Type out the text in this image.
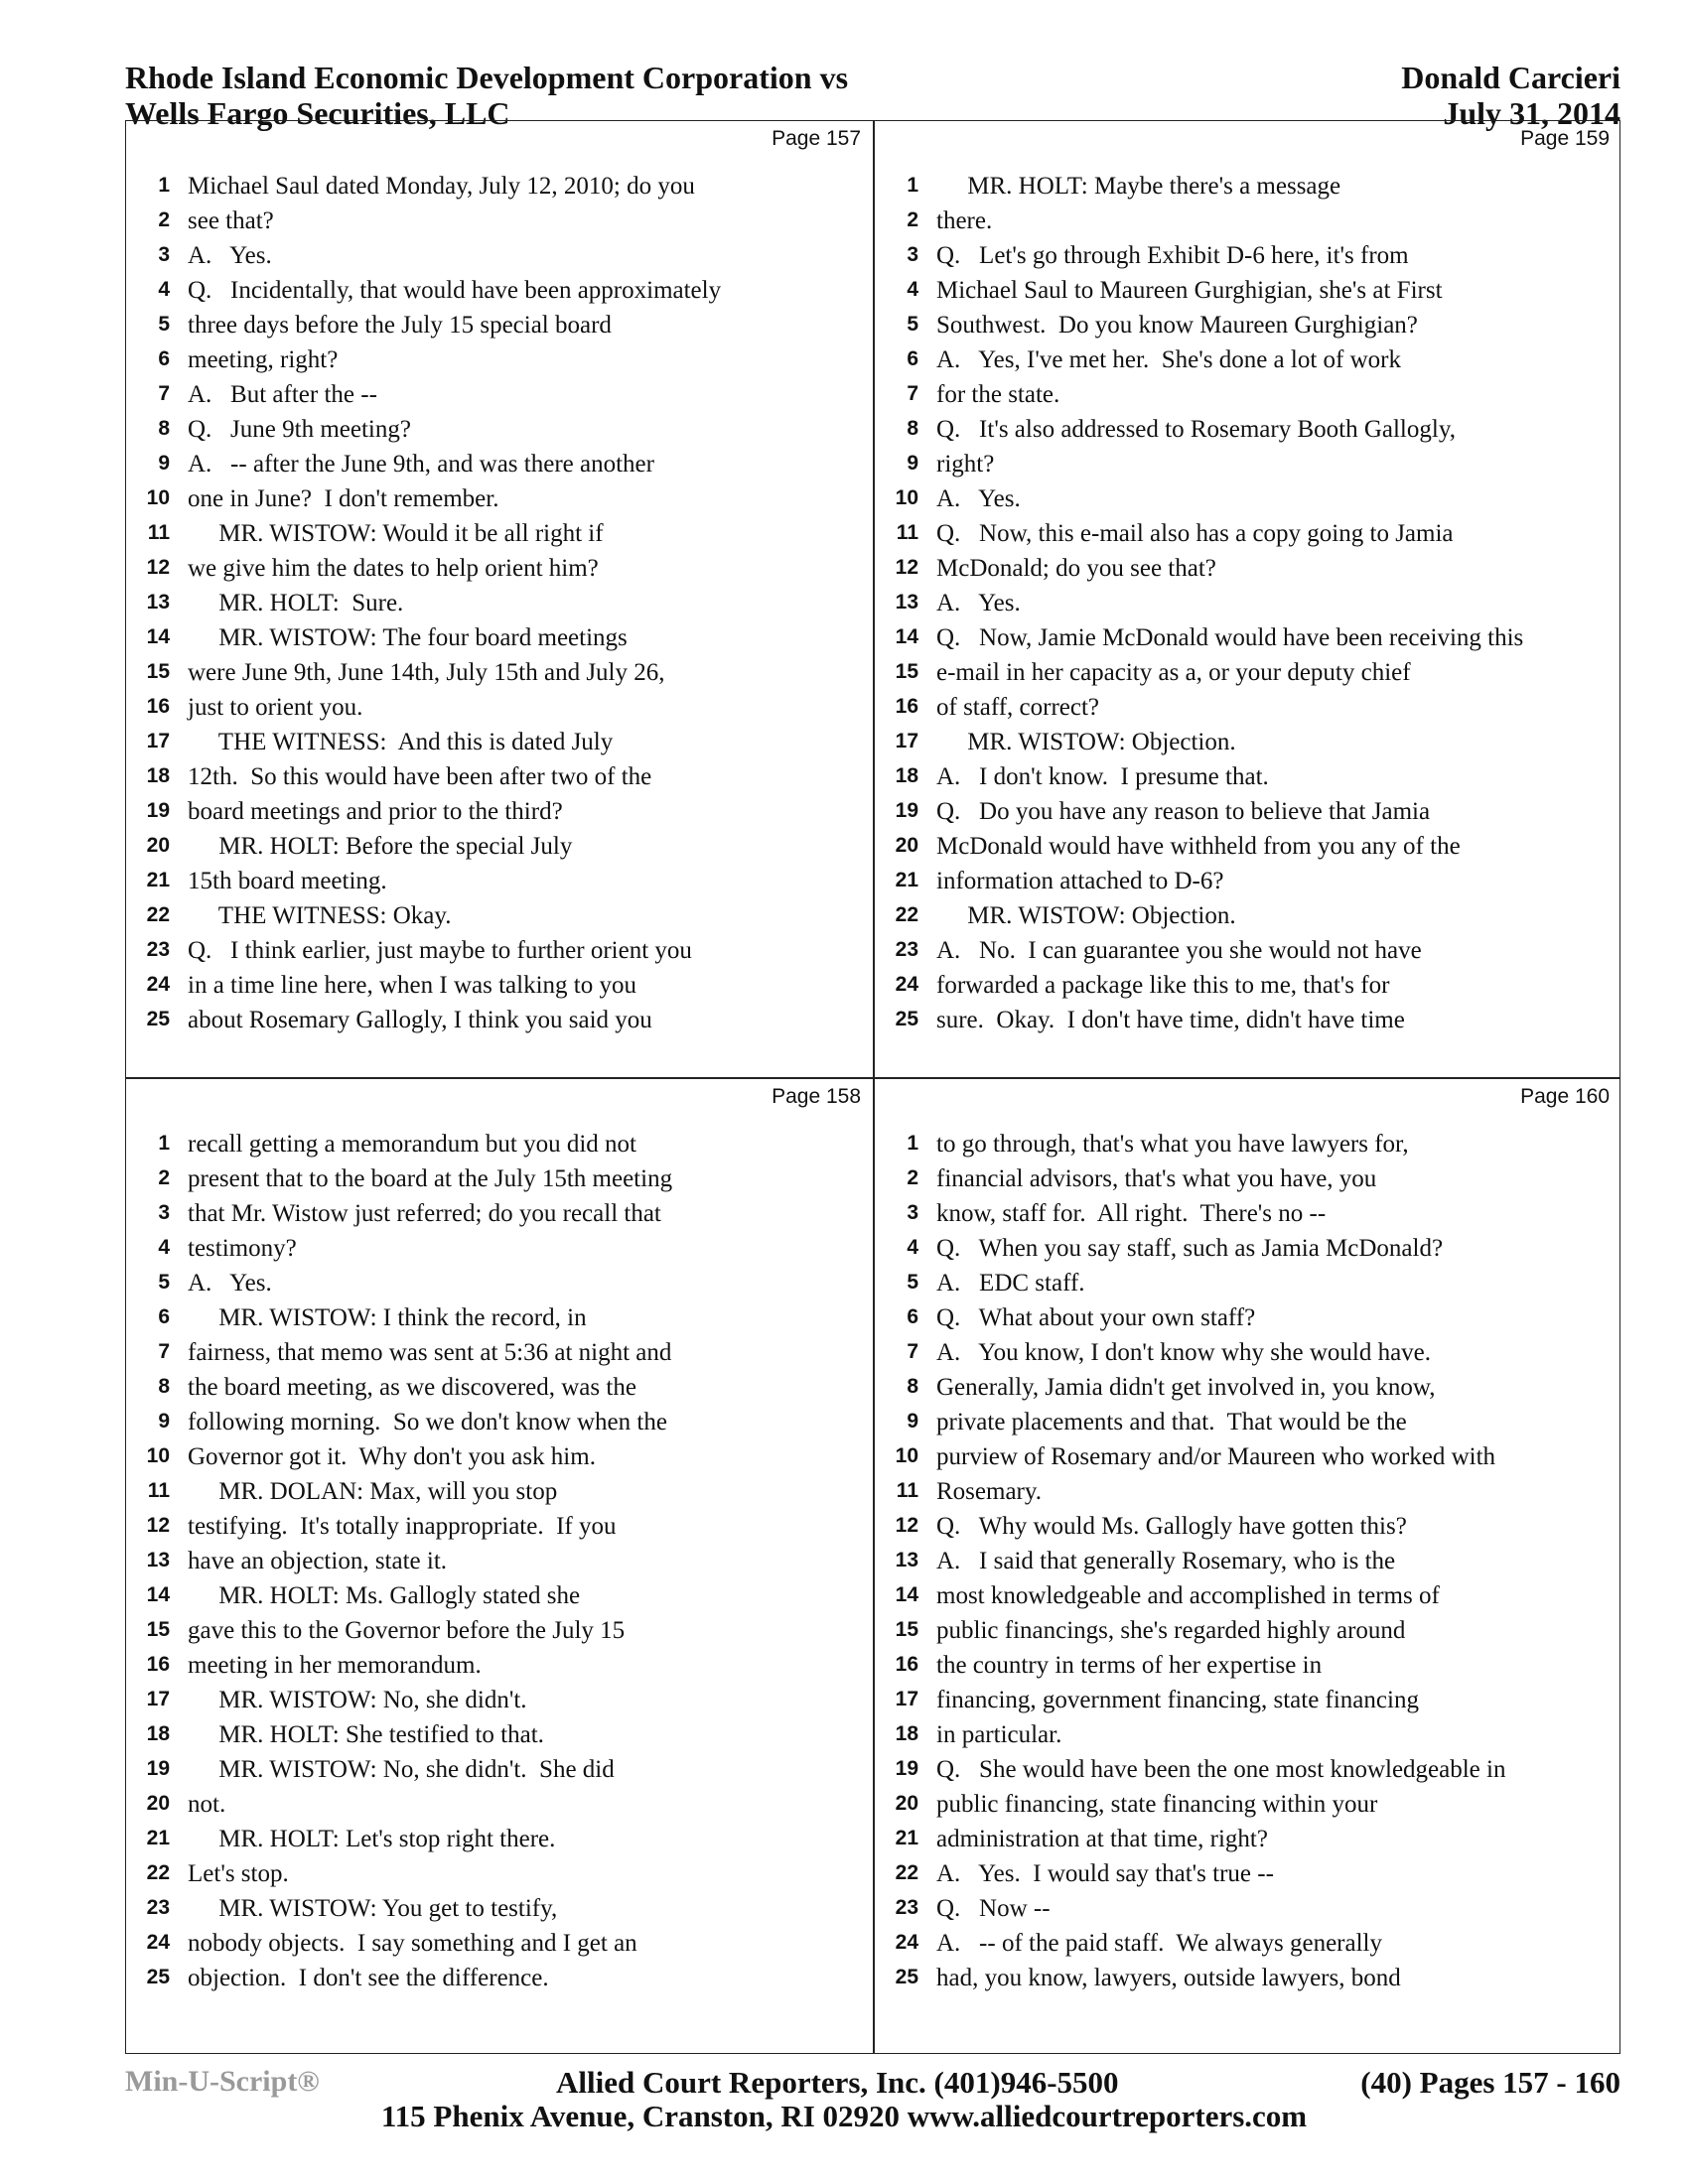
Rhode Island Economic Development Corporation vs
Wells Fargo Securities, LLC
Donald Carcieri
July 31, 2014
Page 157
1 Michael Saul dated Monday, July 12, 2010; do you
2 see that?
3 A.   Yes.
4 Q.   Incidentally, that would have been approximately
5 three days before the July 15 special board
6 meeting, right?
7 A.   But after the --
8 Q.   June 9th meeting?
9 A.   -- after the June 9th, and was there another
10 one in June?  I don't remember.
11 MR. WISTOW: Would it be all right if
12 we give him the dates to help orient him?
13 MR. HOLT:  Sure.
14 MR. WISTOW: The four board meetings
15 were June 9th, June 14th, July 15th and July 26,
16 just to orient you.
17 THE WITNESS:  And this is dated July
18 12th.  So this would have been after two of the
19 board meetings and prior to the third?
20 MR. HOLT: Before the special July
21 15th board meeting.
22 THE WITNESS: Okay.
23 Q.   I think earlier, just maybe to further orient you
24 in a time line here, when I was talking to you
25 about Rosemary Gallogly, I think you said you
Page 159
1 MR. HOLT: Maybe there's a message
2 there.
3 Q.   Let's go through Exhibit D-6 here, it's from
4 Michael Saul to Maureen Gurghigian, she's at First
5 Southwest.  Do you know Maureen Gurghigian?
6 A.   Yes, I've met her.  She's done a lot of work
7 for the state.
8 Q.   It's also addressed to Rosemary Booth Gallogly,
9 right?
10 A.   Yes.
11 Q.   Now, this e-mail also has a copy going to Jamia
12 McDonald; do you see that?
13 A.   Yes.
14 Q.   Now, Jamie McDonald would have been receiving this
15 e-mail in her capacity as a, or your deputy chief
16 of staff, correct?
17 MR. WISTOW: Objection.
18 A.   I don't know.  I presume that.
19 Q.   Do you have any reason to believe that Jamia
20 McDonald would have withheld from you any of the
21 information attached to D-6?
22 MR. WISTOW: Objection.
23 A.   No.  I can guarantee you she would not have
24 forwarded a package like this to me, that's for
25 sure.  Okay.  I don't have time, didn't have time
Page 158
1 recall getting a memorandum but you did not
2 present that to the board at the July 15th meeting
3 that Mr. Wistow just referred; do you recall that
4 testimony?
5 A.   Yes.
6 MR. WISTOW: I think the record, in
7 fairness, that memo was sent at 5:36 at night and
8 the board meeting, as we discovered, was the
9 following morning.  So we don't know when the
10 Governor got it.  Why don't you ask him.
11 MR. DOLAN: Max, will you stop
12 testifying.  It's totally inappropriate.  If you
13 have an objection, state it.
14 MR. HOLT: Ms. Gallogly stated she
15 gave this to the Governor before the July 15
16 meeting in her memorandum.
17 MR. WISTOW: No, she didn't.
18 MR. HOLT: She testified to that.
19 MR. WISTOW: No, she didn't.  She did
20 not.
21 MR. HOLT: Let's stop right there.
22 Let's stop.
23 MR. WISTOW: You get to testify,
24 nobody objects.  I say something and I get an
25 objection.  I don't see the difference.
Page 160
1 to go through, that's what you have lawyers for,
2 financial advisors, that's what you have, you
3 know, staff for.  All right.  There's no --
4 Q.   When you say staff, such as Jamia McDonald?
5 A.   EDC staff.
6 Q.   What about your own staff?
7 A.   You know, I don't know why she would have.
8 Generally, Jamia didn't get involved in, you know,
9 private placements and that.  That would be the
10 purview of Rosemary and/or Maureen who worked with
11 Rosemary.
12 Q.   Why would Ms. Gallogly have gotten this?
13 A.   I said that generally Rosemary, who is the
14 most knowledgeable and accomplished in terms of
15 public financings, she's regarded highly around
16 the country in terms of her expertise in
17 financing, government financing, state financing
18 in particular.
19 Q.   She would have been the one most knowledgeable in
20 public financing, state financing within your
21 administration at that time, right?
22 A.   Yes.  I would say that's true --
23 Q.   Now --
24 A.   -- of the paid staff.  We always generally
25 had, you know, lawyers, outside lawyers, bond
Min-U-Script®	Allied Court Reporters, Inc. (401)946-5500	(40) Pages 157 - 160
115 Phenix Avenue, Cranston, RI 02920 www.alliedcourtreporters.com
